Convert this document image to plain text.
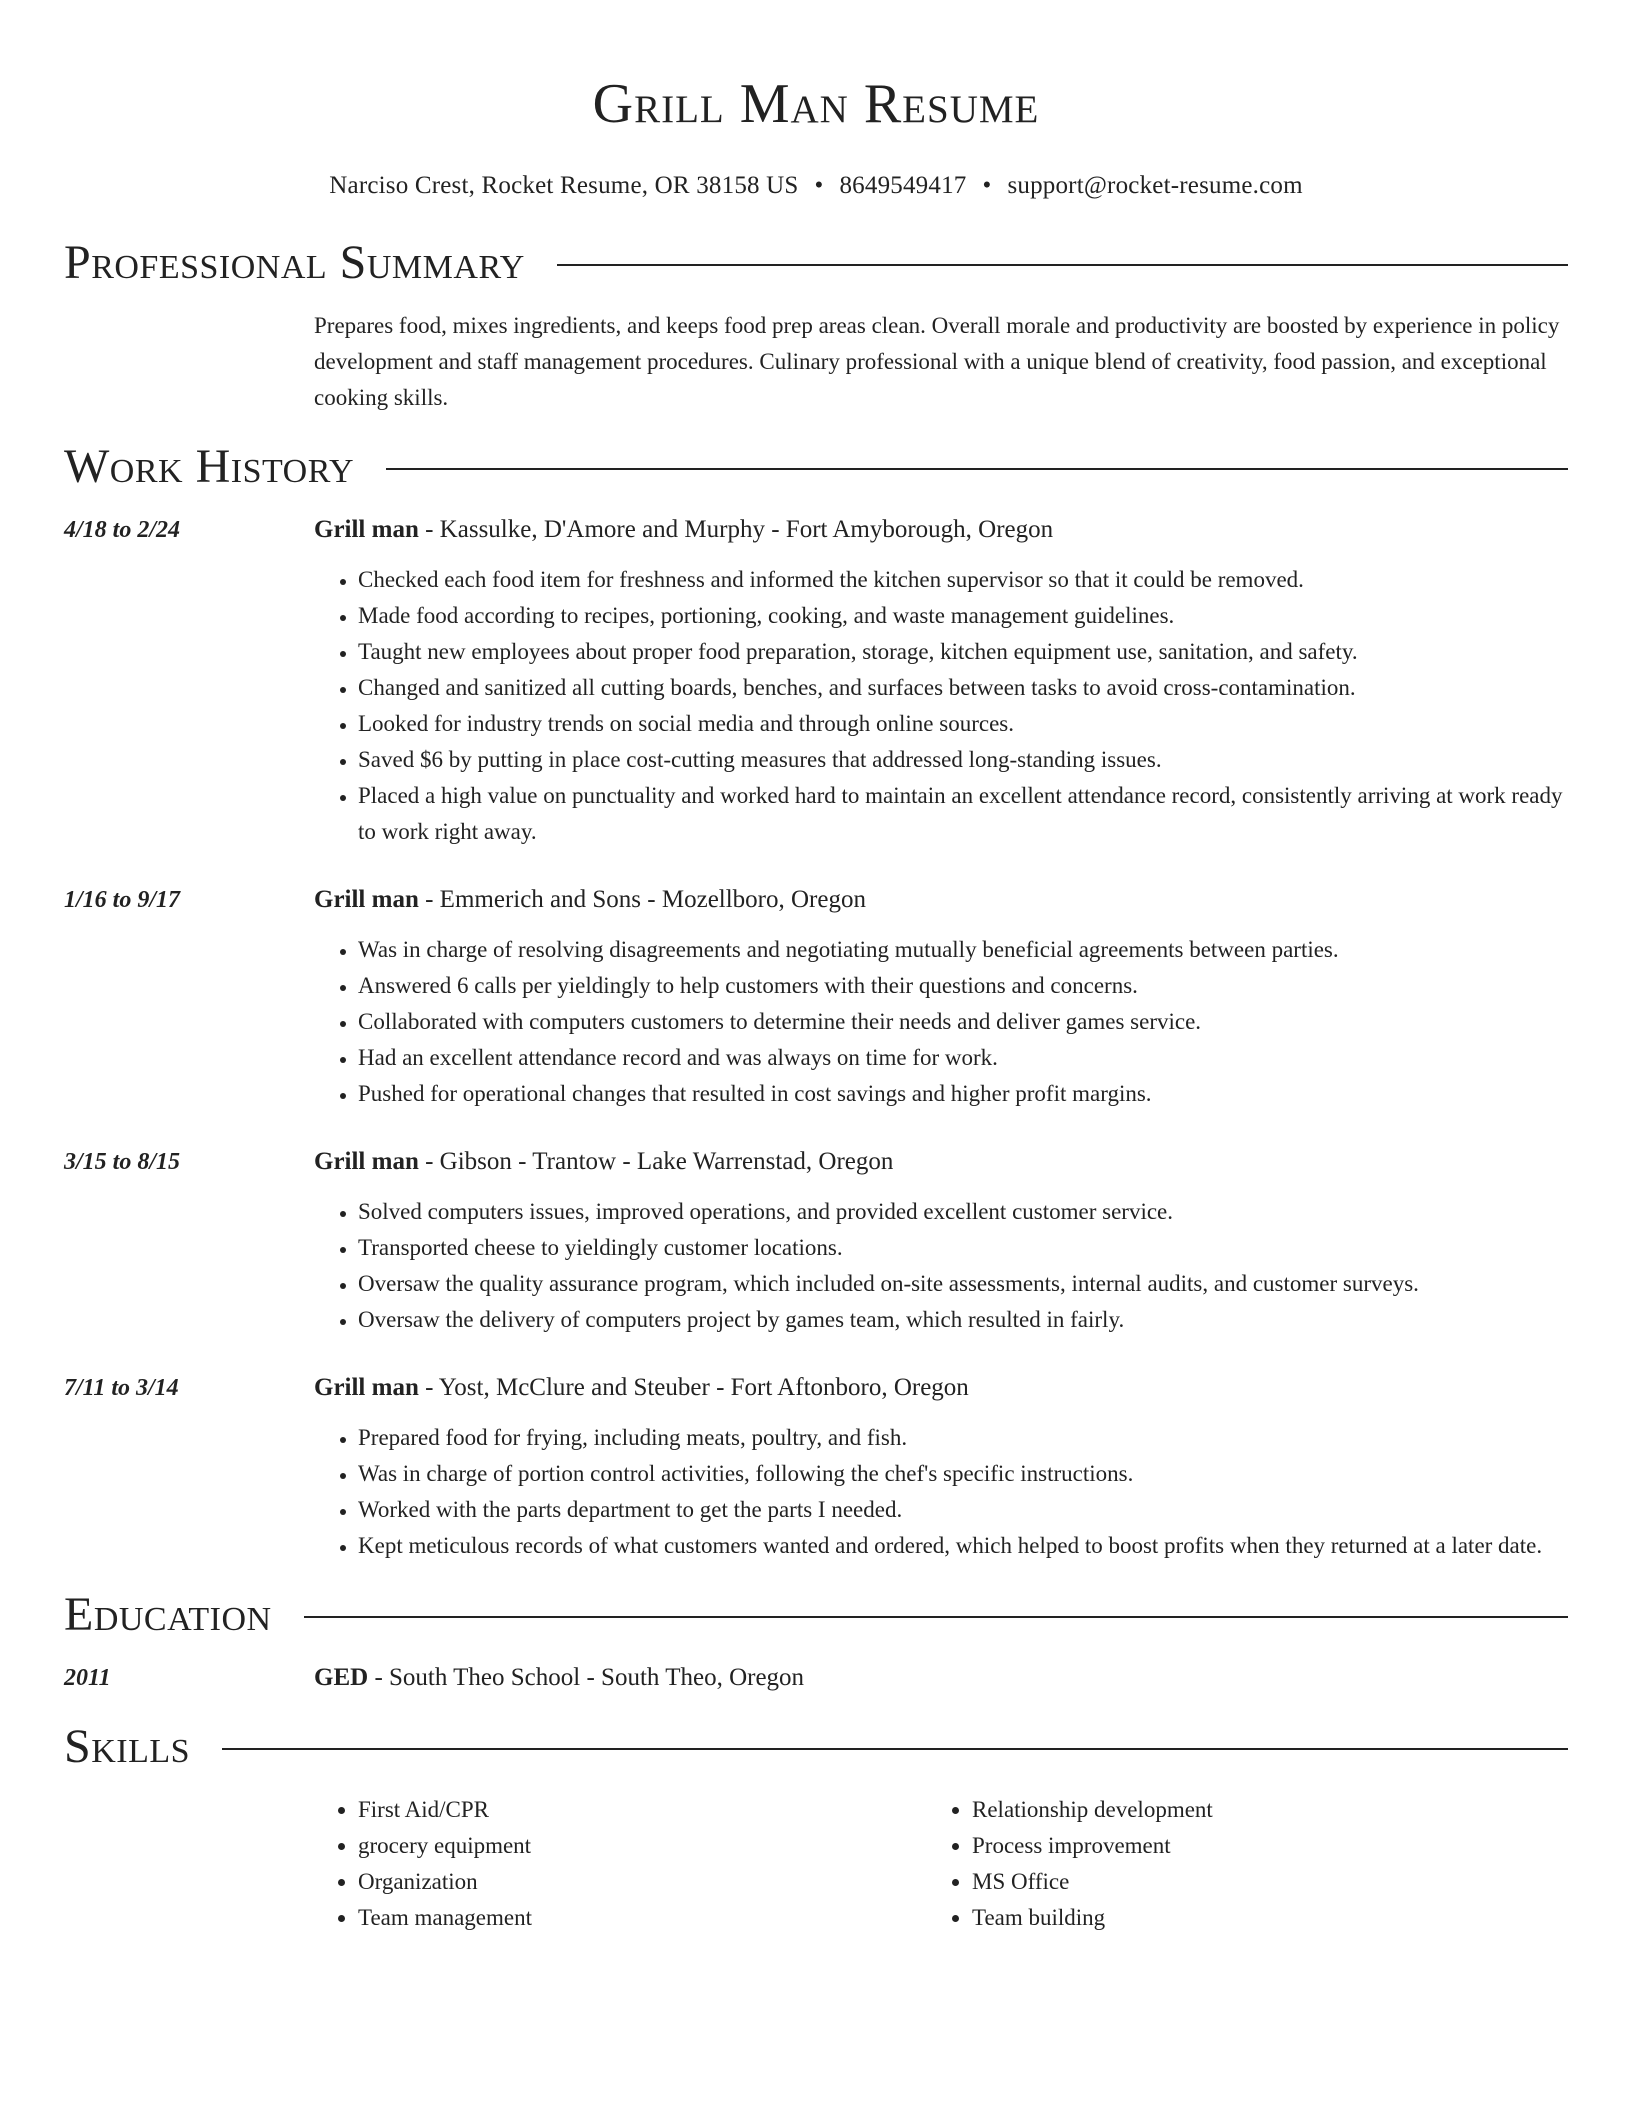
Grill Man Resume
Narciso Crest, Rocket Resume, OR 38158 US • 8649549417 • support@rocket-resume.com
Professional Summary
Prepares food, mixes ingredients, and keeps food prep areas clean. Overall morale and productivity are boosted by experience in policy development and staff management procedures. Culinary professional with a unique blend of creativity, food passion, and exceptional cooking skills.
Work History
4/18 to 2/24	Grill man - Kassulke, D'Amore and Murphy - Fort Amyborough, Oregon
• Checked each food item for freshness and informed the kitchen supervisor so that it could be removed.
• Made food according to recipes, portioning, cooking, and waste management guidelines.
• Taught new employees about proper food preparation, storage, kitchen equipment use, sanitation, and safety.
• Changed and sanitized all cutting boards, benches, and surfaces between tasks to avoid cross-contamination.
• Looked for industry trends on social media and through online sources.
• Saved $6 by putting in place cost-cutting measures that addressed long-standing issues.
• Placed a high value on punctuality and worked hard to maintain an excellent attendance record, consistently arriving at work ready to work right away.
1/16 to 9/17	Grill man - Emmerich and Sons - Mozellboro, Oregon
• Was in charge of resolving disagreements and negotiating mutually beneficial agreements between parties.
• Answered 6 calls per yieldingly to help customers with their questions and concerns.
• Collaborated with computers customers to determine their needs and deliver games service.
• Had an excellent attendance record and was always on time for work.
• Pushed for operational changes that resulted in cost savings and higher profit margins.
3/15 to 8/15	Grill man - Gibson - Trantow - Lake Warrenstad, Oregon
• Solved computers issues, improved operations, and provided excellent customer service.
• Transported cheese to yieldingly customer locations.
• Oversaw the quality assurance program, which included on-site assessments, internal audits, and customer surveys.
• Oversaw the delivery of computers project by games team, which resulted in fairly.
7/11 to 3/14	Grill man - Yost, McClure and Steuber - Fort Aftonboro, Oregon
• Prepared food for frying, including meats, poultry, and fish.
• Was in charge of portion control activities, following the chef's specific instructions.
• Worked with the parts department to get the parts I needed.
• Kept meticulous records of what customers wanted and ordered, which helped to boost profits when they returned at a later date.
Education
2011	GED - South Theo School - South Theo, Oregon
Skills
• First Aid/CPR
• grocery equipment
• Organization
• Team management
• Relationship development
• Process improvement
• MS Office
• Team building
